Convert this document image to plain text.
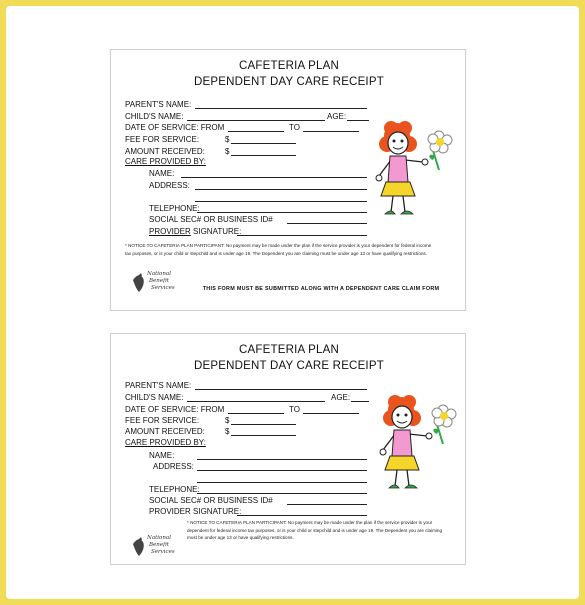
CAFETERIA PLAN
DEPENDENT DAY CARE RECEIPT
PARENT'S NAME:
CHILD'S NAME:	AGE:
DATE OF SERVICE: FROM	TO
FEE FOR SERVICE:	$
AMOUNT RECEIVED:	$
CARE PROVIDED BY:
NAME:
ADDRESS:
TELEPHONE:
SOCIAL SEC# OR BUSINESS ID#
PROVIDER SIGNATURE:
* NOTICE TO CAFETERIA PLAN PARTICIPANT: No payment may be made under the plan if the service provider is your dependent for federal income tax purposes, or is your child or stepchild and is under age 19. The Dependent you are claiming must be under age 13 or have qualifying restrictions.
National
Benefit
Services	THIS FORM MUST BE SUBMITTED ALONG WITH A DEPENDENT CARE CLAIM FORM
CAFETERIA PLAN
DEPENDENT DAY CARE RECEIPT
PARENT'S NAME:
CHILD'S NAME:	AGE:
DATE OF SERVICE: FROM	TO
FEE FOR SERVICE:	$
AMOUNT RECEIVED:	$
CARE PROVIDED BY:
NAME:
ADDRESS:
TELEPHONE:
SOCIAL SEC# OR BUSINESS ID#
PROVIDER SIGNATURE:
* NOTICE TO CAFETERIA PLAN PARTICIPANT: No payment may be made under the plan if the service provider is your dependent for federal income tax purposes, or is your child or stepchild and is under age 19. The Dependent you are claiming must be under age 13 or have qualifying restrictions.
National
Benefit
Services
